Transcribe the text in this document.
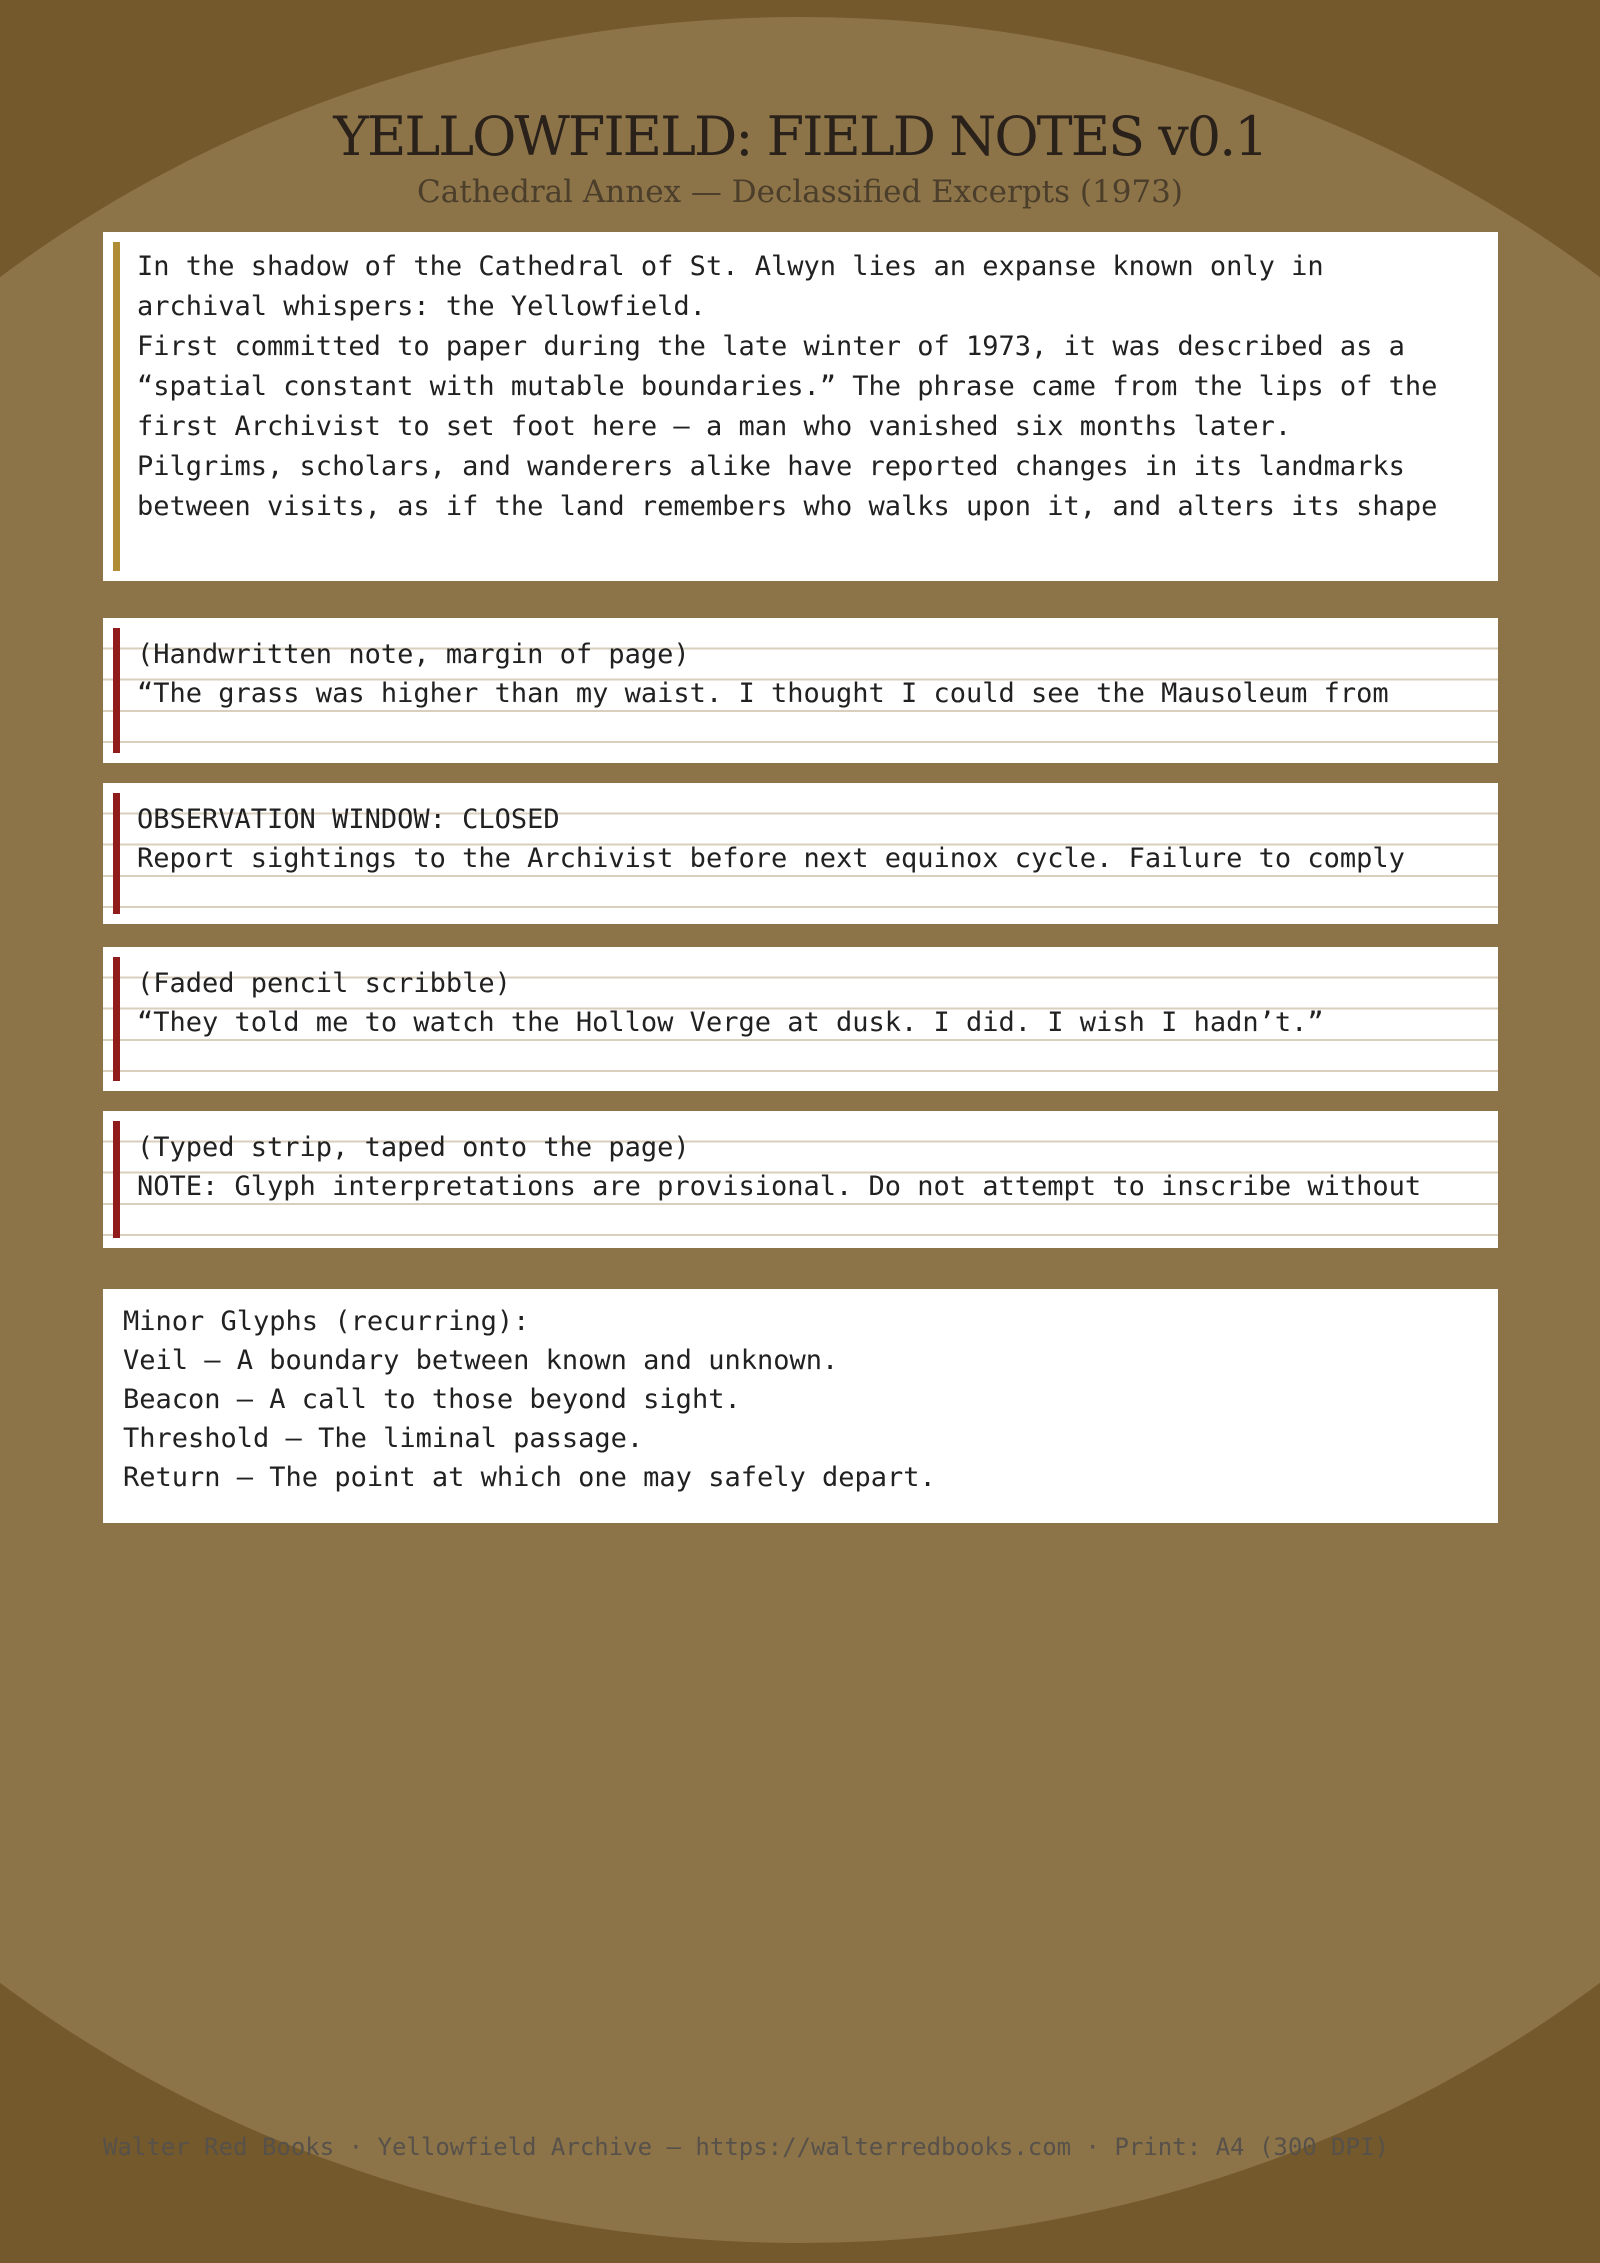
YELLOWFIELD: FIELD NOTES v0.1
Cathedral Annex — Declassified Excerpts (1973)
In the shadow of the Cathedral of St. Alwyn lies an expanse known only in
archival whispers: the Yellowfield.
First committed to paper during the late winter of 1973, it was described as a
“spatial constant with mutable boundaries.” The phrase came from the lips of the
first Archivist to set foot here — a man who vanished six months later.
Pilgrims, scholars, and wanderers alike have reported changes in its landmarks
between visits, as if the land remembers who walks upon it, and alters its shape
(Handwritten note, margin of page)
“The grass was higher than my waist. I thought I could see the Mausoleum from
OBSERVATION WINDOW: CLOSED
Report sightings to the Archivist before next equinox cycle. Failure to comply
(Faded pencil scribble)
“They told me to watch the Hollow Verge at dusk. I did. I wish I hadn’t.”
(Typed strip, taped onto the page)
NOTE: Glyph interpretations are provisional. Do not attempt to inscribe without
Minor Glyphs (recurring):
Veil — A boundary between known and unknown.
Beacon — A call to those beyond sight.
Threshold — The liminal passage.
Return — The point at which one may safely depart.
Walter Red Books · Yellowfield Archive — https://walterredbooks.com · Print: A4 (300 DPI)
